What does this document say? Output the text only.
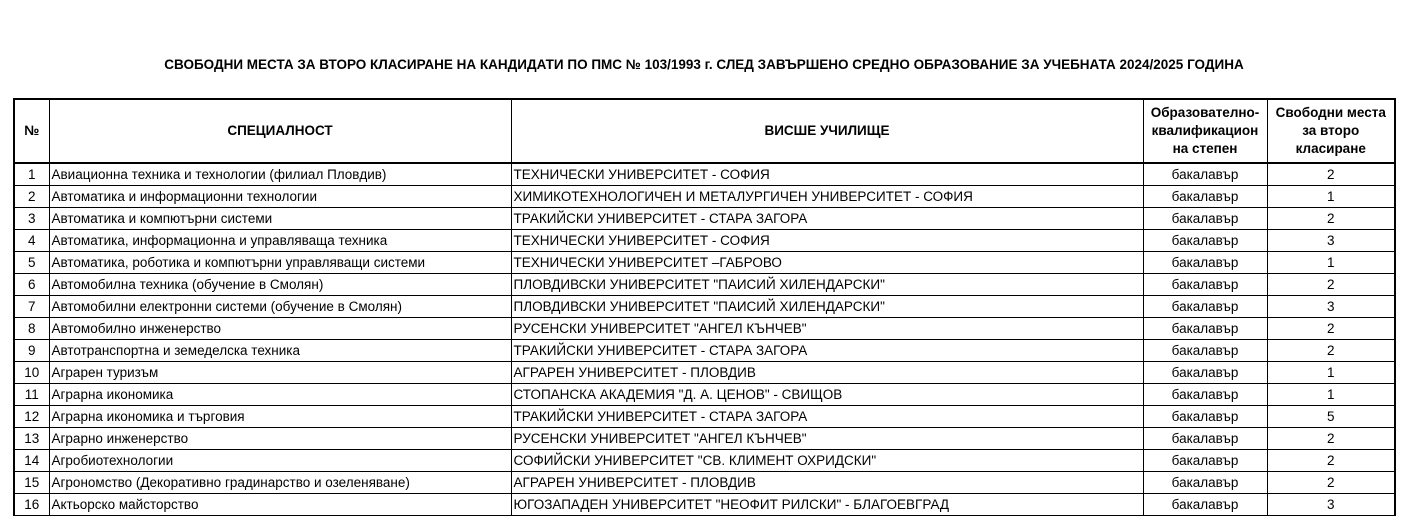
СВОБОДНИ МЕСТА ЗА ВТОРО КЛАСИРАНЕ НА КАНДИДАТИ ПО ПМС № 103/1993 г. СЛЕД ЗАВЪРШЕНО СРЕДНО ОБРАЗОВАНИЕ ЗА УЧЕБНАТА 2024/2025 ГОДИНА
№	СПЕЦИАЛНОСТ	ВИСШЕ УЧИЛИЩЕ	Образователно-квалификацион на степен	Свободни места за второ класиране
1	Авиационна техника и технологии (филиал Пловдив)	ТЕХНИЧЕСКИ УНИВЕРСИТЕТ - СОФИЯ	бакалавър	2
2	Автоматика и информационни технологии	ХИМИКОТЕХНОЛОГИЧЕН И МЕТАЛУРГИЧЕН УНИВЕРСИТЕТ - СОФИЯ	бакалавър	1
3	Автоматика и компютърни системи	ТРАКИЙСКИ УНИВЕРСИТЕТ - СТАРА ЗАГОРА	бакалавър	2
4	Автоматика, информационна и управляваща техника	ТЕХНИЧЕСКИ УНИВЕРСИТЕТ - СОФИЯ	бакалавър	3
5	Автоматика, роботика и компютърни управляващи системи	ТЕХНИЧЕСКИ УНИВЕРСИТЕТ –ГАБРОВО	бакалавър	1
6	Автомобилна техника (обучение в Смолян)	ПЛОВДИВСКИ УНИВЕРСИТЕТ "ПАИСИЙ ХИЛЕНДАРСКИ"	бакалавър	2
7	Автомобилни електронни системи (обучение в Смолян)	ПЛОВДИВСКИ УНИВЕРСИТЕТ "ПАИСИЙ ХИЛЕНДАРСКИ"	бакалавър	3
8	Автомобилно инженерство	РУСЕНСКИ УНИВЕРСИТЕТ "АНГЕЛ КЪНЧЕВ"	бакалавър	2
9	Автотранспортна и земеделска техника	ТРАКИЙСКИ УНИВЕРСИТЕТ - СТАРА ЗАГОРА	бакалавър	2
10	Аграрен туризъм	АГРАРЕН УНИВЕРСИТЕТ - ПЛОВДИВ	бакалавър	1
11	Аграрна икономика	СТОПАНСКА АКАДЕМИЯ "Д. А. ЦЕНОВ" - СВИЩОВ	бакалавър	1
12	Аграрна икономика и търговия	ТРАКИЙСКИ УНИВЕРСИТЕТ - СТАРА ЗАГОРА	бакалавър	5
13	Аграрно инженерство	РУСЕНСКИ УНИВЕРСИТЕТ "АНГЕЛ КЪНЧЕВ"	бакалавър	2
14	Агробиотехнологии	СОФИЙСКИ УНИВЕРСИТЕТ "СВ. КЛИМЕНТ ОХРИДСКИ"	бакалавър	2
15	Агрономство (Декоративно градинарство и озеленяване)	АГРАРЕН УНИВЕРСИТЕТ - ПЛОВДИВ	бакалавър	2
16	Актьорско майсторство	ЮГОЗАПАДЕН УНИВЕРСИТЕТ "НЕОФИТ РИЛСКИ" - БЛАГОЕВГРАД	бакалавър	3
